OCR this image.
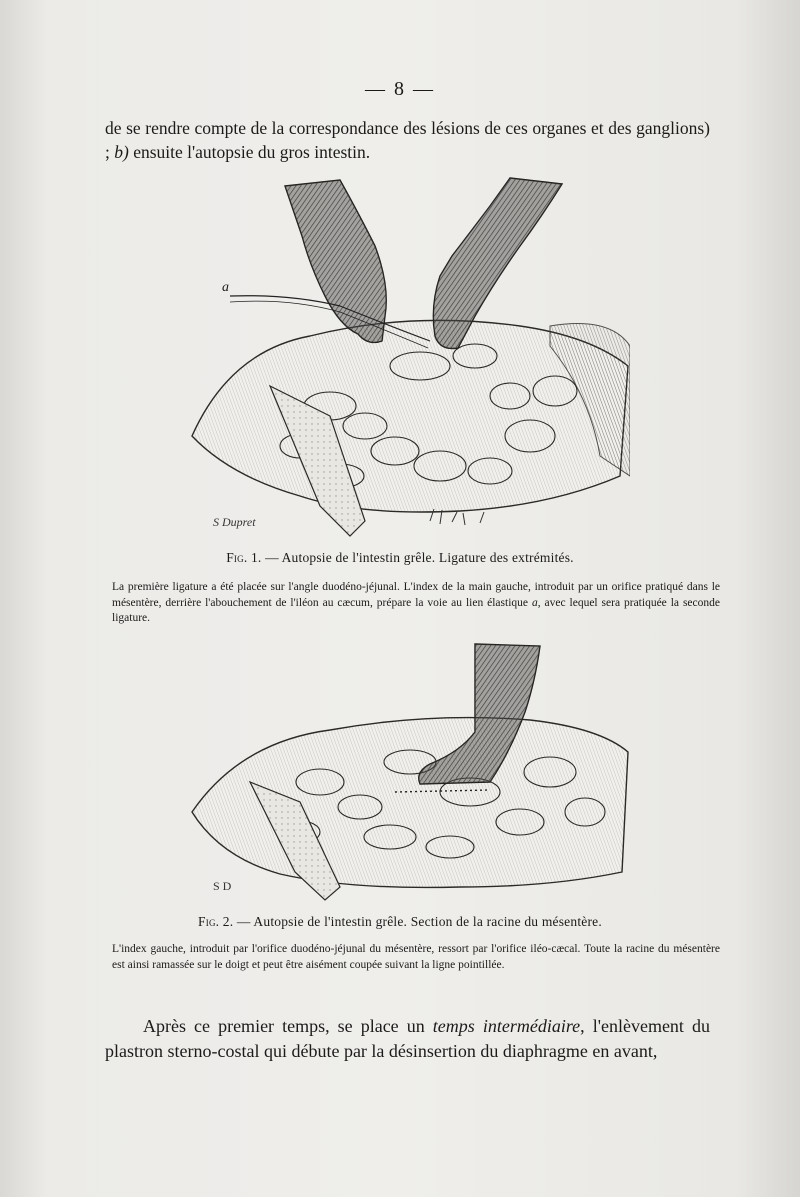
— 8 —

de se rendre compte de la correspondance des lésions de ces organes et des ganglions) ; b) ensuite l'autopsie du gros intestin.

a
S Dupret
Fig. 1. — Autopsie de l'intestin grêle. Ligature des extrémités.

La première ligature a été placée sur l'angle duodéno-jéjunal. L'index de la main gauche, introduit par un orifice pratiqué dans le mésentère, derrière l'abouchement de l'iléon au cæcum, prépare la voie au lien élastique a, avec lequel sera pratiquée la seconde ligature.

S D
Fig. 2. — Autopsie de l'intestin grêle. Section de la racine du mésentère.

L'index gauche, introduit par l'orifice duodéno-jéjunal du mésentère, ressort par l'orifice iléo-cæcal. Toute la racine du mésentère est ainsi ramassée sur le doigt et peut être aisément coupée suivant la ligne pointillée.

Après ce premier temps, se place un temps intermédiaire, l'enlèvement du plastron sterno-costal qui débute par la désinsertion du diaphragme en avant,
